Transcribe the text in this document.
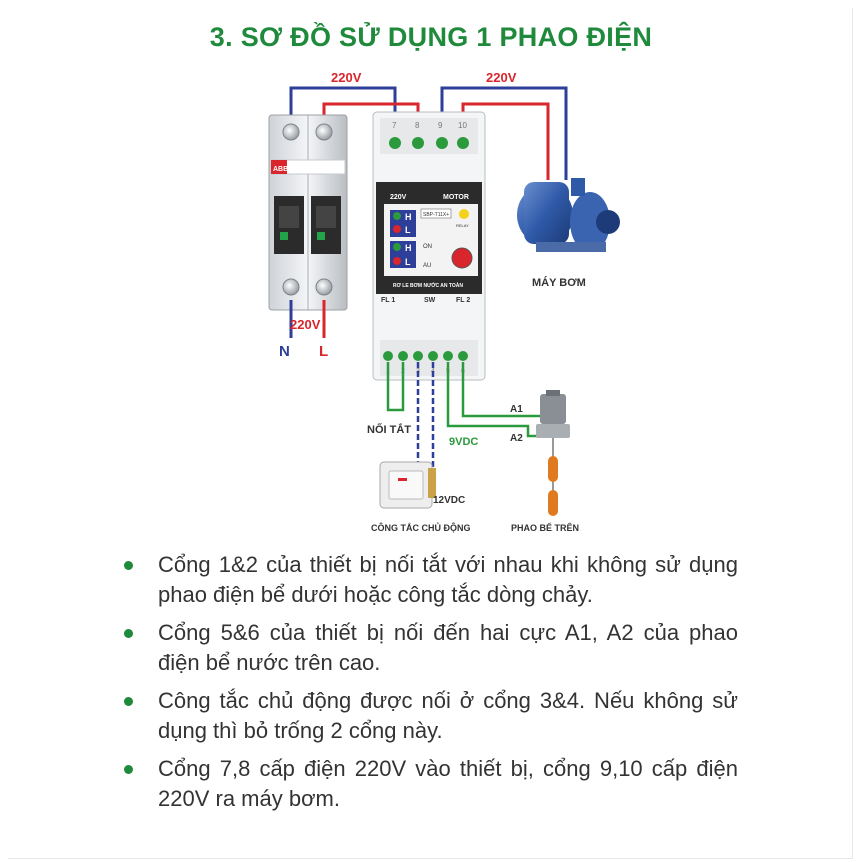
3. SƠ ĐỒ SỬ DỤNG 1 PHAO ĐIỆN
220V	220V
ABB
220V
N L
7 8 9 10
220V	MOTOR
H
L
H
L
SBP-T11X+
RELAY
ON
AU
RƠ LE BƠM NƯỚC AN TOÀN
FL 1	SW	FL 2
1 2 3 4 5 6
MÁY BƠM
NỐI TẮT
9VDC
A1
A2
12VDC
CÔNG TẮC CHỦ ĐỘNG	PHAO BỂ TRÊN
Cổng 1&2 của thiết bị nối tắt với nhau khi không sử dụng phao điện bể dưới hoặc công tắc dòng chảy.
Cổng 5&6 của thiết bị nối đến hai cực A1, A2 của phao điện bể nước trên cao.
Công tắc chủ động được nối ở cổng 3&4. Nếu không sử dụng thì bỏ trống 2 cổng này.
Cổng 7,8 cấp điện 220V vào thiết bị, cổng 9,10 cấp điện 220V ra máy bơm.
